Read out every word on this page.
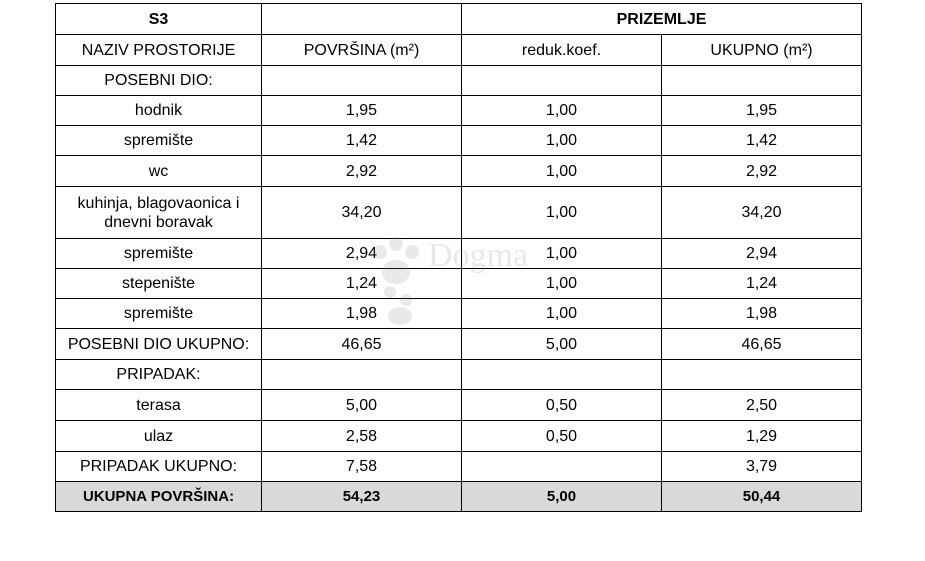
S3		PRIZEMLJE	
NAZIV PROSTORIJE	POVRŠINA (m²)	reduk.koef.	UKUPNO (m²)
POSEBNI DIO:			
hodnik	1,95	1,00	1,95
spremište	1,42	1,00	1,42
wc	2,92	1,00	2,92
kuhinja, blagovaonica i dnevni boravak	34,20	1,00	34,20
spremište	2,94	1,00	2,94
stepenište	1,24	1,00	1,24
spremište	1,98	1,00	1,98
POSEBNI DIO UKUPNO:	46,65	5,00	46,65
PRIPADAK:			
terasa	5,00	0,50	2,50
ulaz	2,58	0,50	1,29
PRIPADAK UKUPNO:	7,58		3,79
UKUPNA POVRŠINA:	54,23	5,00	50,44
Dogma
